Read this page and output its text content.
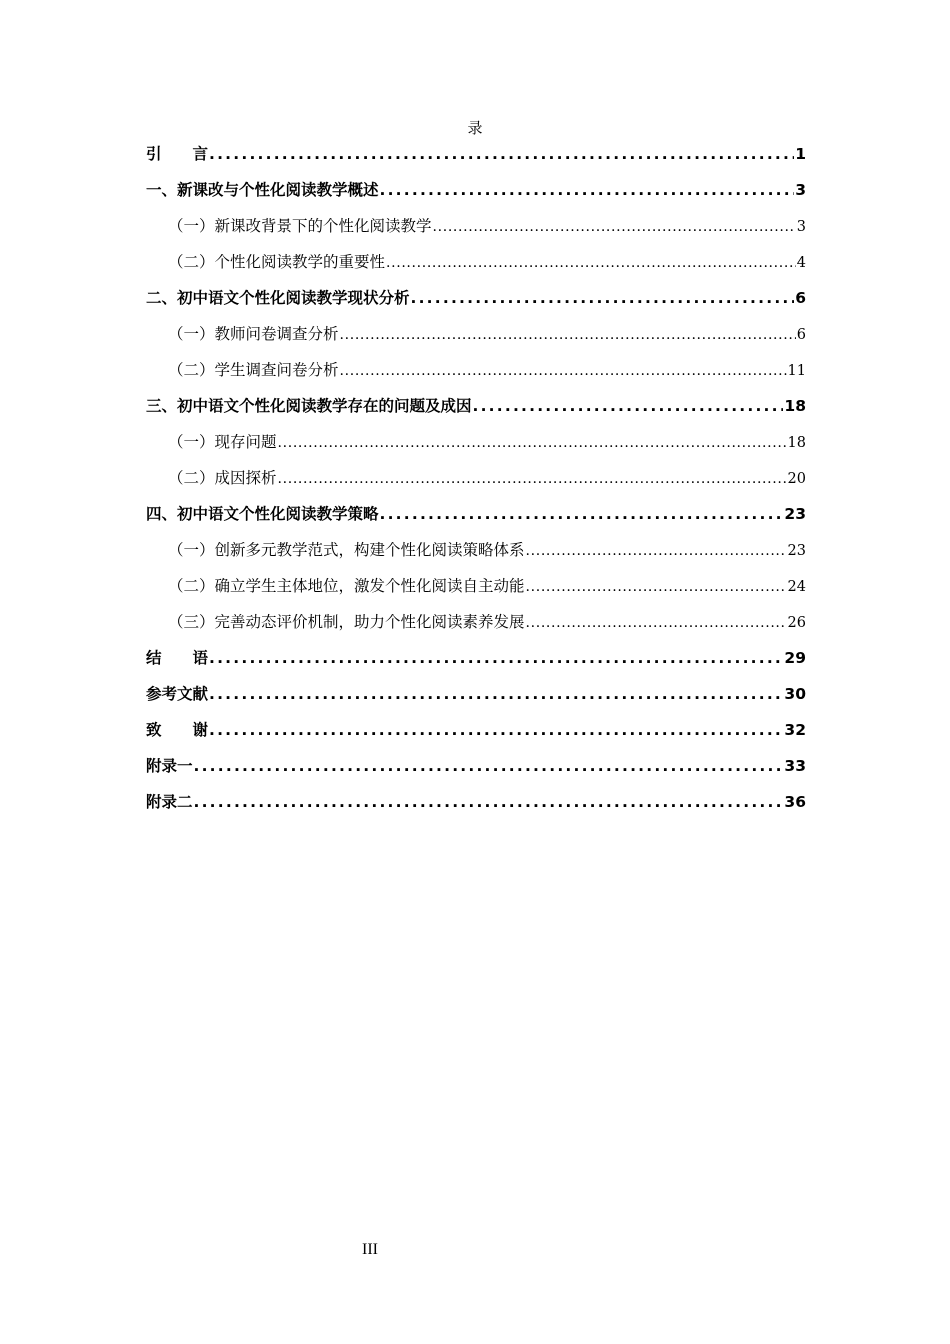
录
引　　言 . . .	1
一、新课改与个性化阅读教学概述 . . .	3
（一）新课改背景下的个性化阅读教学 . . .	3
（二）个性化阅读教学的重要性 . . .	4
二、初中语文个性化阅读教学现状分析 . . .	6
（一）教师问卷调查分析 . . .	6
（二）学生调查问卷分析 . . .	11
三、初中语文个性化阅读教学存在的问题及成因 . . .	18
（一）现存问题 . . .	18
（二）成因探析 . . .	20
四、初中语文个性化阅读教学策略 . . .	23
（一）创新多元教学范式，构建个性化阅读策略体系 . . .	23
（二）确立学生主体地位，激发个性化阅读自主动能 . . .	24
（三）完善动态评价机制，助力个性化阅读素养发展 . . .	26
结　　语 . . .	29
参考文献 . . .	30
致　　谢 . . .	32
附录一 . . .	33
附录二 . . .	36
III
